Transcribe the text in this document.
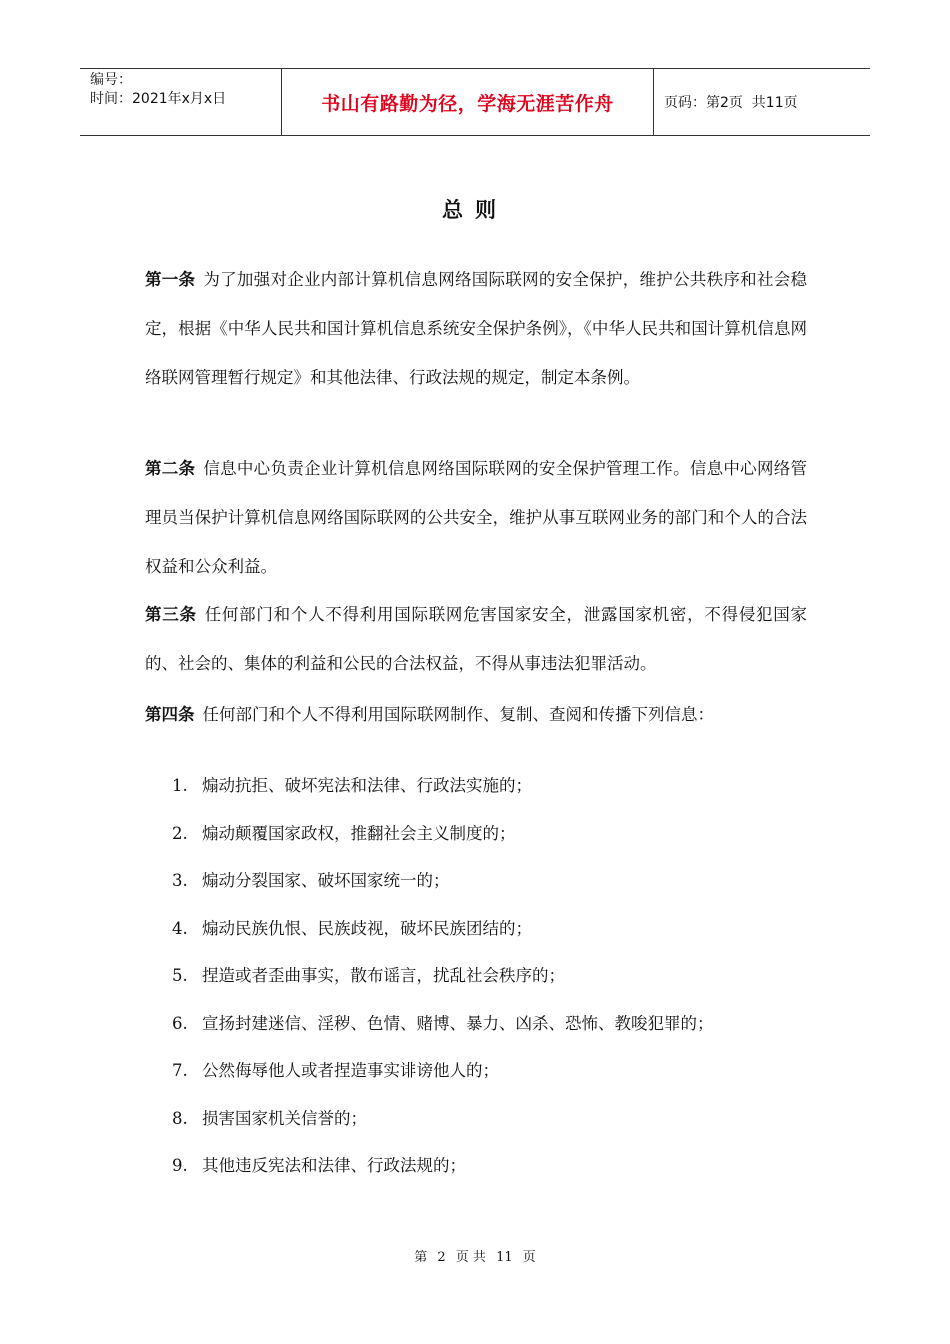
编号：
时间：2021年x月x日	书山有路勤为径，学海无涯苦作舟	页码：第2页  共11页
总则
第一条 为了加强对企业内部计算机信息网络国际联网的安全保护，维护公共秩序和社会稳定，根据《中华人民共和国计算机信息系统安全保护条例》，《中华人民共和国计算机信息网络联网管理暂行规定》和其他法律、行政法规的规定，制定本条例。
第二条 信息中心负责企业计算机信息网络国际联网的安全保护管理工作。信息中心网络管理员当保护计算机信息网络国际联网的公共安全，维护从事互联网业务的部门和个人的合法权益和公众利益。
第三条 任何部门和个人不得利用国际联网危害国家安全，泄露国家机密，不得侵犯国家的、社会的、集体的利益和公民的合法权益，不得从事违法犯罪活动。
第四条 任何部门和个人不得利用国际联网制作、复制、查阅和传播下列信息：
1. 煽动抗拒、破坏宪法和法律、行政法实施的；
2. 煽动颠覆国家政权，推翻社会主义制度的；
3. 煽动分裂国家、破坏国家统一的；
4. 煽动民族仇恨、民族歧视，破坏民族团结的；
5. 捏造或者歪曲事实，散布谣言，扰乱社会秩序的；
6. 宣扬封建迷信、淫秽、色情、赌博、暴力、凶杀、恐怖、教唆犯罪的；
7. 公然侮辱他人或者捏造事实诽谤他人的；
8. 损害国家机关信誉的；
9. 其他违反宪法和法律、行政法规的；
第 2 页 共 11 页
